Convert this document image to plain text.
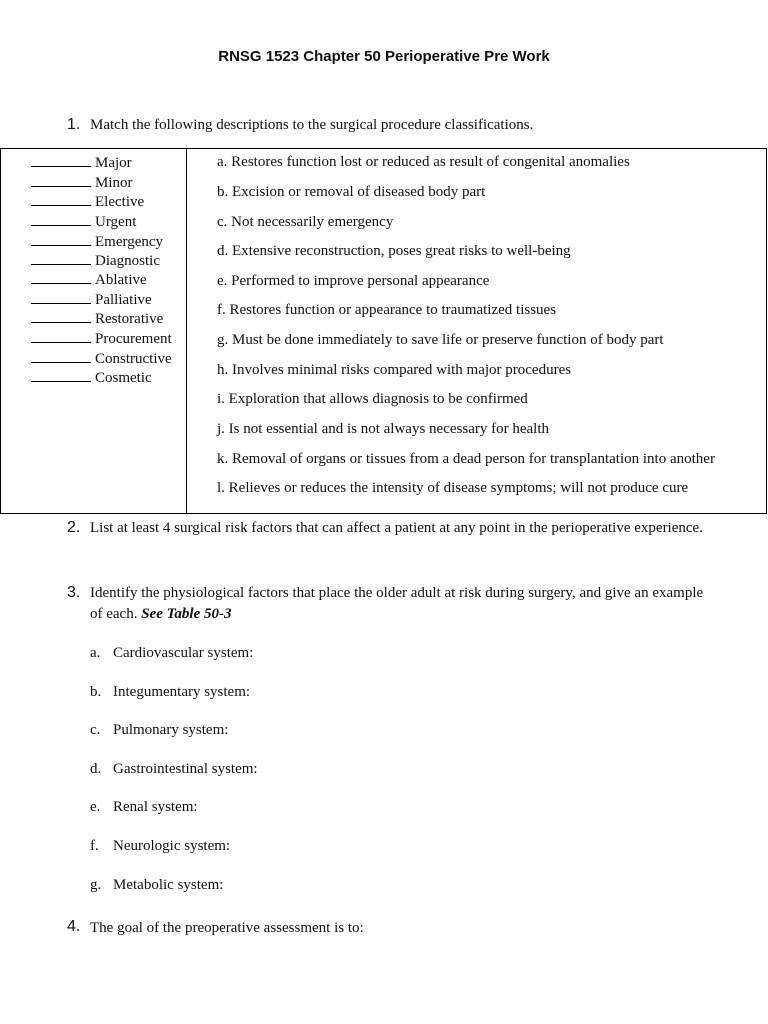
RNSG 1523 Chapter 50 Perioperative Pre Work
1. Match the following descriptions to the surgical procedure classifications.
Major
Minor
Elective
Urgent
Emergency
Diagnostic
Ablative
Palliative
Restorative
Procurement
Constructive
Cosmetic
a. Restores function lost or reduced as result of congenital anomalies
b. Excision or removal of diseased body part
c. Not necessarily emergency
d. Extensive reconstruction, poses great risks to well-being
e. Performed to improve personal appearance
f. Restores function or appearance to traumatized tissues
g. Must be done immediately to save life or preserve function of body part
h. Involves minimal risks compared with major procedures
i. Exploration that allows diagnosis to be confirmed
j. Is not essential and is not always necessary for health
k. Removal of organs or tissues from a dead person for transplantation into another
l. Relieves or reduces the intensity of disease symptoms; will not produce cure
2. List at least 4 surgical risk factors that can affect a patient at any point in the perioperative experience.
3. Identify the physiological factors that place the older adult at risk during surgery, and give an example
of each. See Table 50-3
a. Cardiovascular system:
b. Integumentary system:
c. Pulmonary system:
d. Gastrointestinal system:
e. Renal system:
f. Neurologic system:
g. Metabolic system:
4. The goal of the preoperative assessment is to:
